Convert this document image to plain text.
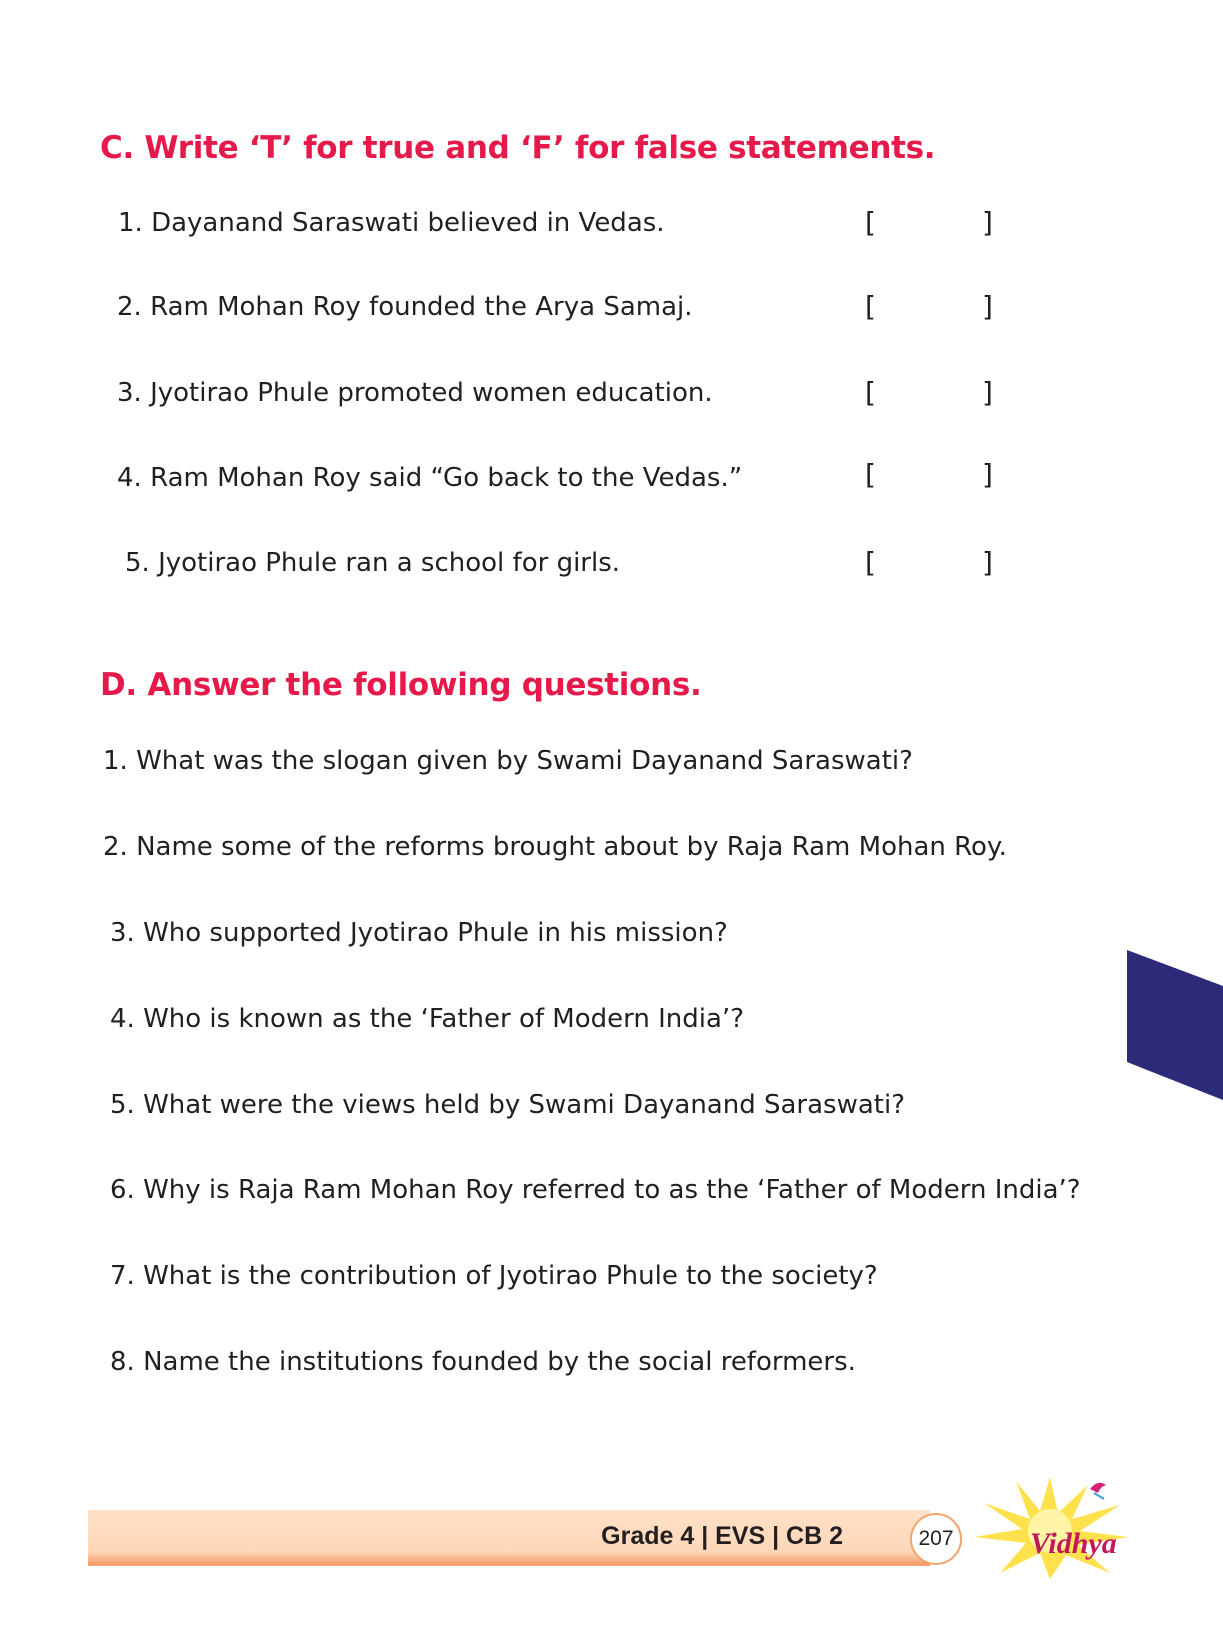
C. Write ‘T’ for true and ‘F’ for false statements.

1. Dayanand Saraswati believed in Vedas.	[	]

2. Ram Mohan Roy founded the Arya Samaj.	[	]

3. Jyotirao Phule promoted women education.	[	]

4. Ram Mohan Roy said “Go back to the Vedas.”	[	]

5. Jyotirao Phule ran a school for girls.	[	]
D. Answer the following questions.

1. What was the slogan given by Swami Dayanand Saraswati?

2. Name some of the reforms brought about by Raja Ram Mohan Roy.

3. Who supported Jyotirao Phule in his mission?

4. Who is known as the ‘Father of Modern India’?

5. What were the views held by Swami Dayanand Saraswati?

6. Why is Raja Ram Mohan Roy referred to as the ‘Father of Modern India’?

7. What is the contribution of Jyotirao Phule to the society?

8. Name the institutions founded by the social reformers.

Grade 4 | EVS | CB 2	207	Vidhya
